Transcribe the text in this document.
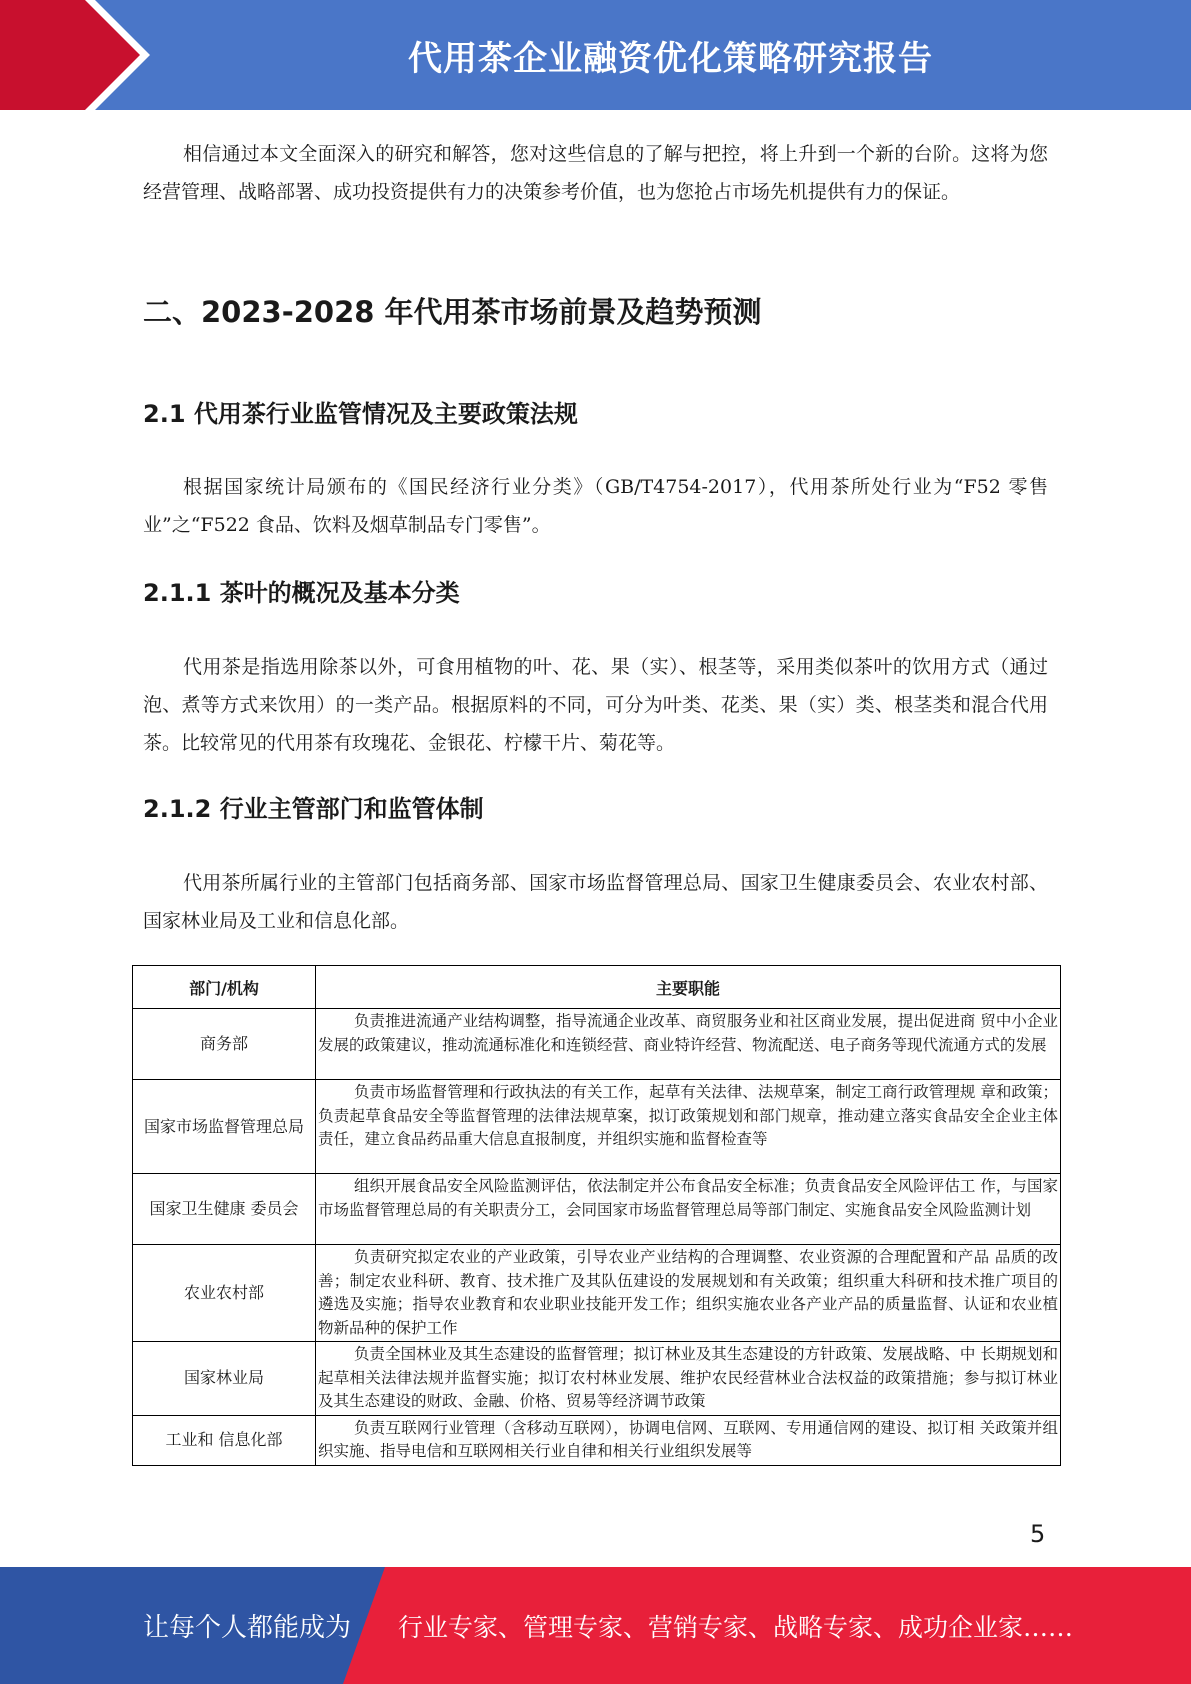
代用茶企业融资优化策略研究报告

相信通过本文全面深入的研究和解答，您对这些信息的了解与把控，将上升到一个新的台阶。这将为您经营管理、战略部署、成功投资提供有力的决策参考价值，也为您抢占市场先机提供有力的保证。

二、2023-2028 年代用茶市场前景及趋势预测
2.1 代用茶行业监管情况及主要政策法规

根据国家统计局颁布的《国民经济行业分类》（GB/T4754-2017），代用茶所处行业为“F52 零售业”之“F522 食品、饮料及烟草制品专门零售”。

2.1.1 茶叶的概况及基本分类

代用茶是指选用除茶以外，可食用植物的叶、花、果（实）、根茎等，采用类似茶叶的饮用方式（通过泡、煮等方式来饮用）的一类产品。根据原料的不同，可分为叶类、花类、果（实）类、根茎类和混合代用茶。比较常见的代用茶有玫瑰花、金银花、柠檬干片、菊花等。

2.1.2 行业主管部门和监管体制

代用茶所属行业的主管部门包括商务部、国家市场监督管理总局、国家卫生健康委员会、农业农村部、国家林业局及工业和信息化部。

部门/机构	主要职能
商务部	负责推进流通产业结构调整，指导流通企业改革、商贸服务业和社区商业发展，提出促进商 贸中小企业发展的政策建议，推动流通标准化和连锁经营、商业特许经营、物流配送、电子商务等现代流通方式的发展
国家市场监督管理总局	负责市场监督管理和行政执法的有关工作，起草有关法律、法规草案，制定工商行政管理规 章和政策；负责起草食品安全等监督管理的法律法规草案，拟订政策规划和部门规章，推动建立落实食品安全企业主体责任，建立食品药品重大信息直报制度，并组织实施和监督检查等
国家卫生健康 委员会	组织开展食品安全风险监测评估，依法制定并公布食品安全标准；负责食品安全风险评估工 作，与国家市场监督管理总局的有关职责分工，会同国家市场监督管理总局等部门制定、实施食品安全风险监测计划
农业农村部	负责研究拟定农业的产业政策，引导农业产业结构的合理调整、农业资源的合理配置和产品 品质的改善；制定农业科研、教育、技术推广及其队伍建设的发展规划和有关政策；组织重大科研和技术推广项目的遴选及实施；指导农业教育和农业职业技能开发工作；组织实施农业各产业产品的质量监督、认证和农业植物新品种的保护工作
国家林业局	负责全国林业及其生态建设的监督管理；拟订林业及其生态建设的方针政策、发展战略、中 长期规划和起草相关法律法规并监督实施；拟订农村林业发展、维护农民经营林业合法权益的政策措施；参与拟订林业及其生态建设的财政、金融、价格、贸易等经济调节政策
工业和 信息化部	负责互联网行业管理（含移动互联网），协调电信网、互联网、专用通信网的建设、拟订相 关政策并组织实施、指导电信和互联网相关行业自律和相关行业组织发展等
5
让每个人都能成为 行业专家、管理专家、营销专家、战略专家、成功企业家……
